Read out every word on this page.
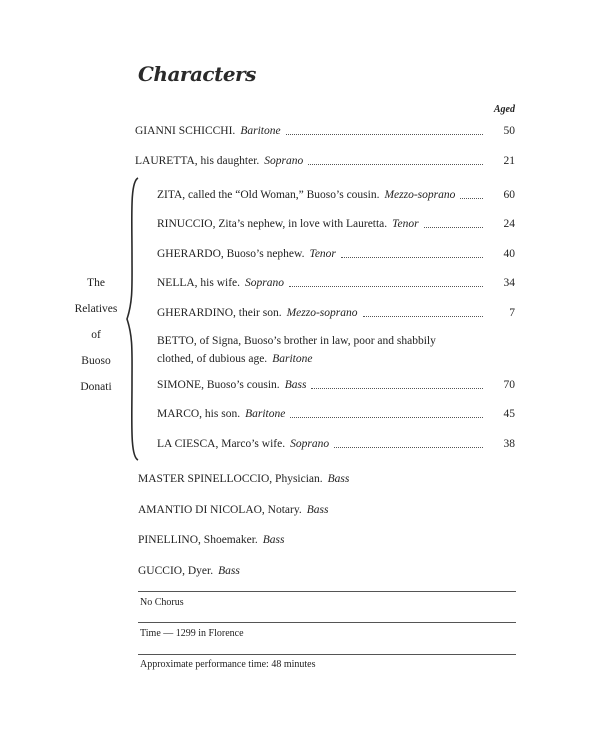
Characters
Aged
GIANNI SCHICCHI. Baritone	50
LAURETTA, his daughter. Soprano	21
The
Relatives
of
Buoso
Donati
ZITA, called the “Old Woman,” Buoso’s cousin. Mezzo-soprano	60
RINUCCIO, Zita’s nephew, in love with Lauretta. Tenor	24
GHERARDO, Buoso’s nephew. Tenor	40
NELLA, his wife. Soprano	34
GHERARDINO, their son. Mezzo-soprano	7
BETTO, of Signa, Buoso’s brother in law, poor and shabbily
clothed, of dubious age. Baritone
SIMONE, Buoso’s cousin. Bass	70
MARCO, his son. Baritone	45
LA CIESCA, Marco’s wife. Soprano	38
MASTER SPINELLOCCIO, Physician. Bass
AMANTIO DI NICOLAO, Notary. Bass
PINELLINO, Shoemaker. Bass
GUCCIO, Dyer. Bass
No Chorus
Time — 1299 in Florence
Approximate performance time: 48 minutes
